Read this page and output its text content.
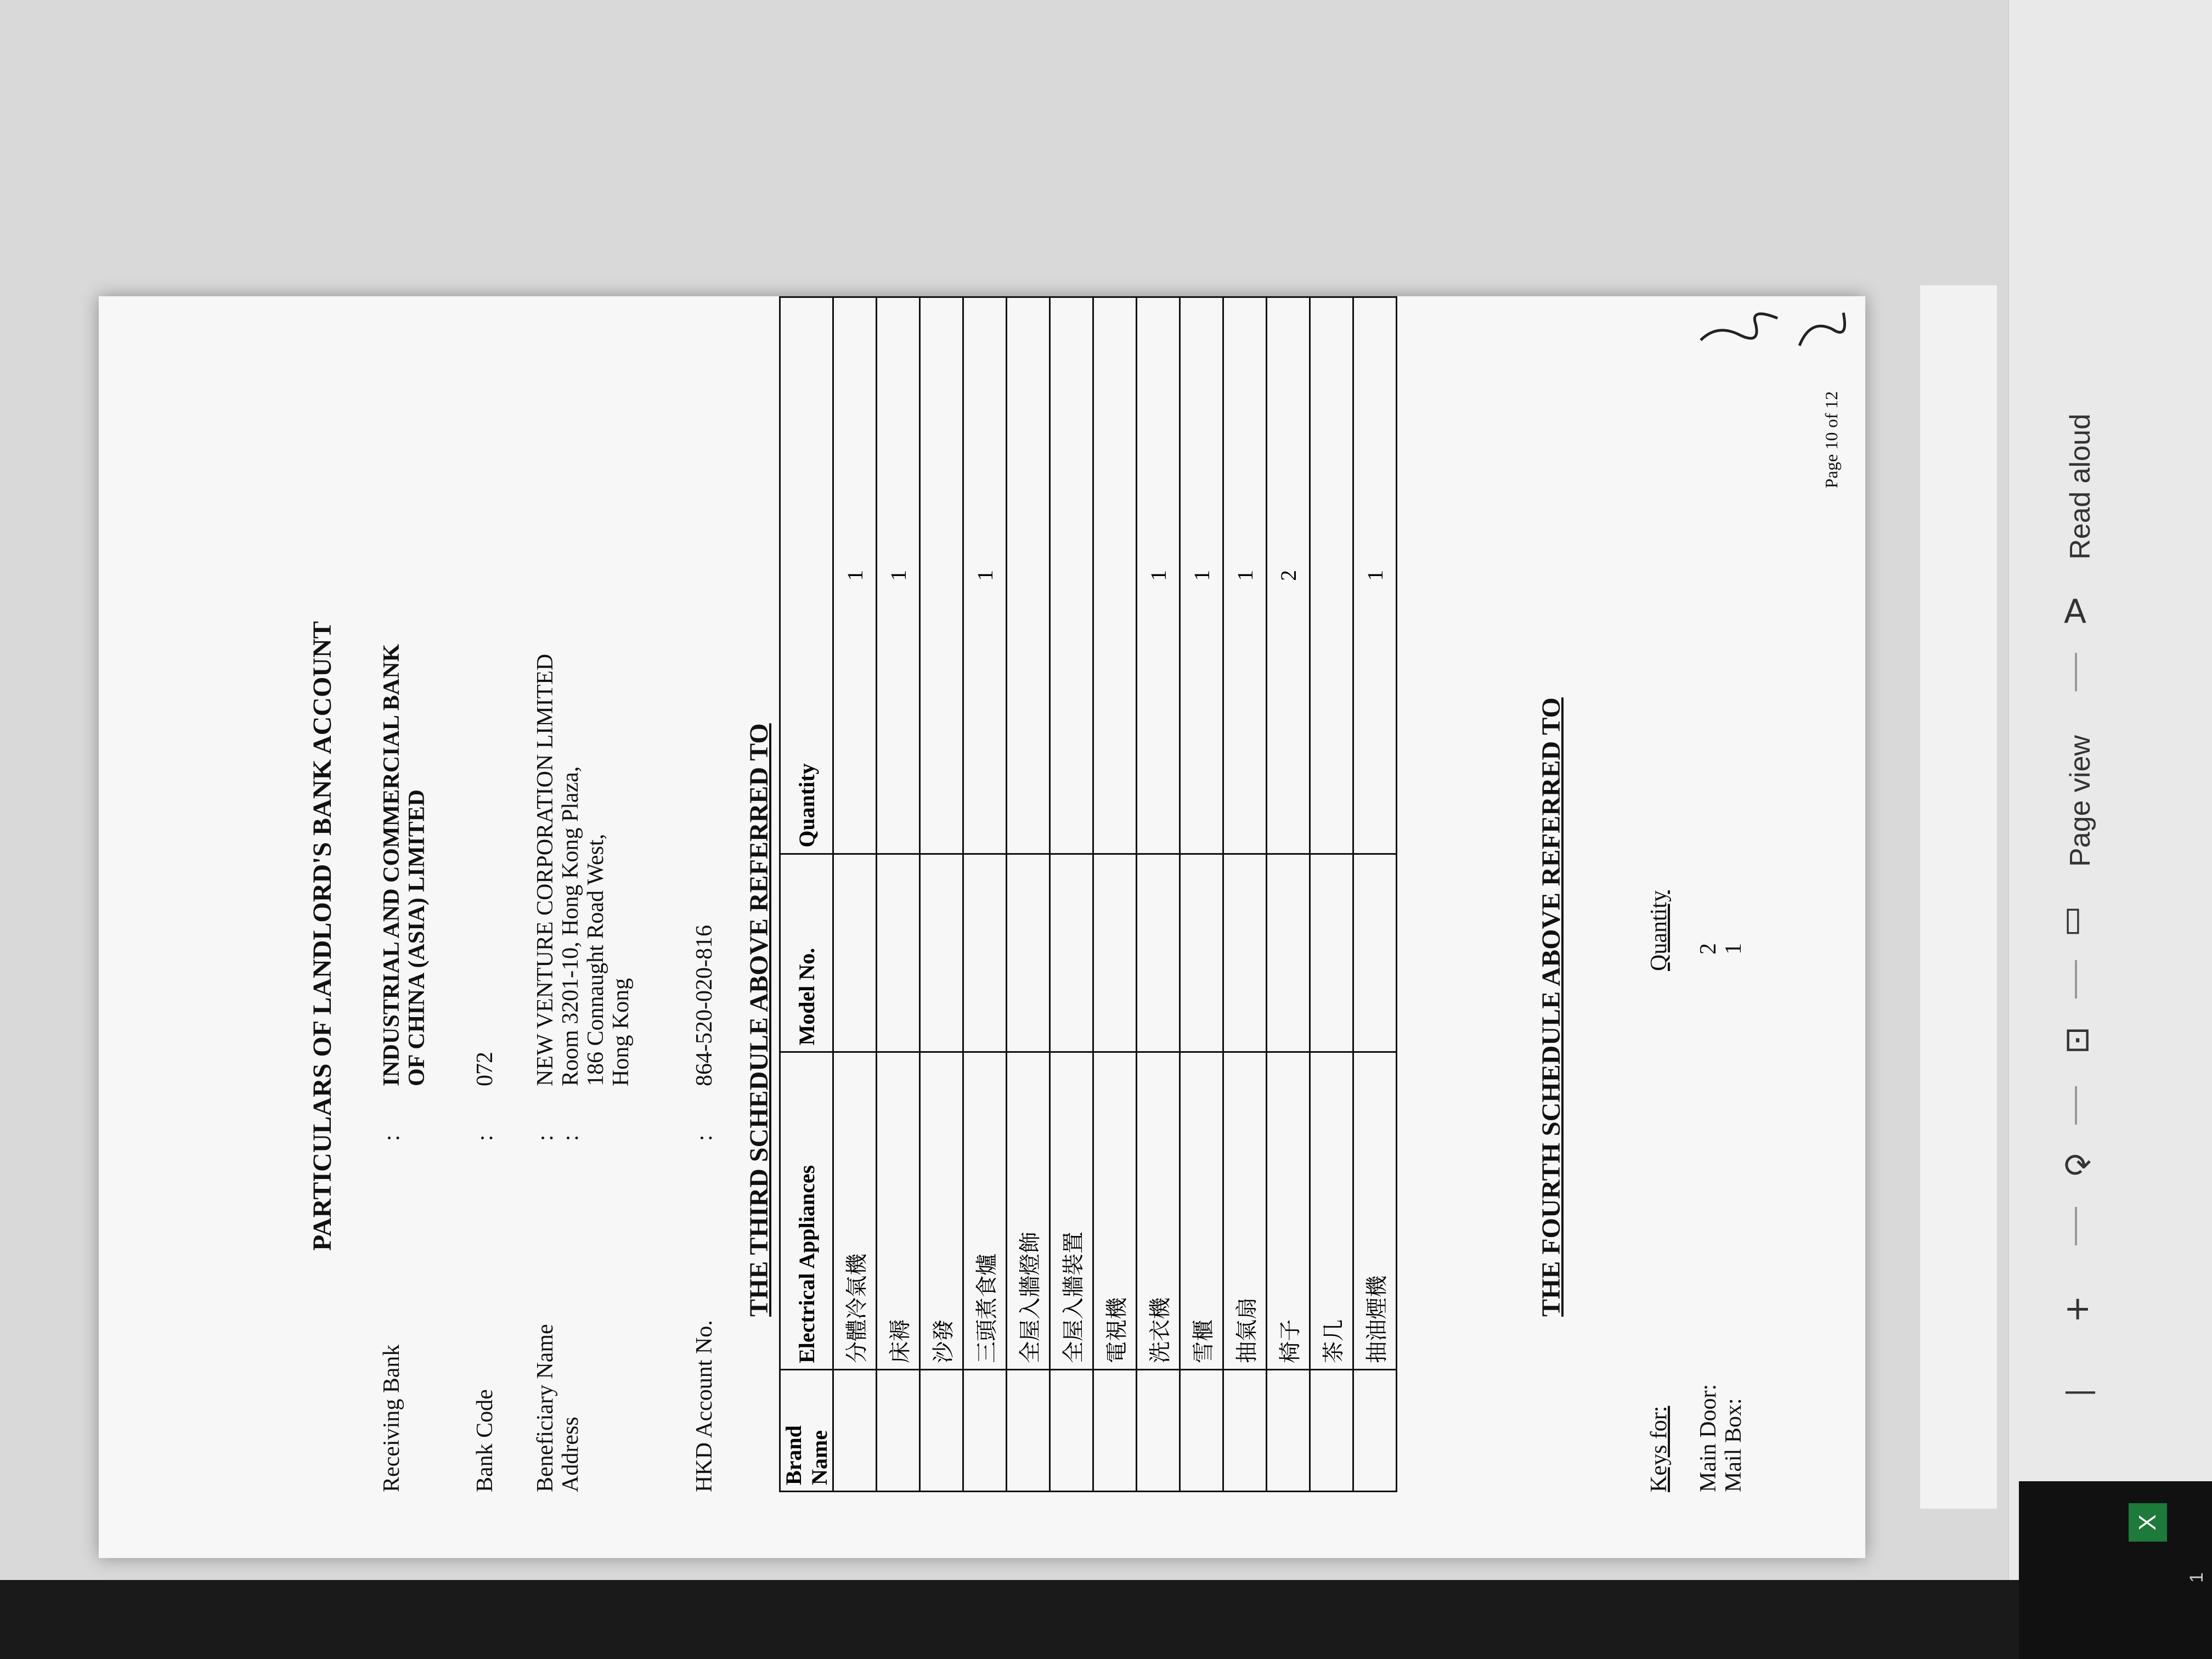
PARTICULARS OF LANDLORD'S BANK ACCOUNT
Receiving Bank
:
INDUSTRIAL AND COMMERCIAL BANK OF CHINA (ASIA) LIMITED
Bank Code
:
072
Beneficiary Name Address
: :
NEW VENTURE CORPORATION LIMITED Room 3201-10, Hong Kong Plaza, 186 Connaught Road West, Hong Kong
HKD Account No.
:
864-520-020-816 THE THIRD SCHEDULE ABOVE REFERRED TO
Brand Name	Electrical Appliances	Model No.	Quantity
	分體冷氣機		1
	床褥		1
	沙發		
	三頭煮食爐		1
	全屋入牆燈飾		
	全屋入牆裝置		
	電視機		
	洗衣機		1
	雪櫃		1
	抽氣扇		1
	椅子		2
	茶几		
	抽油煙機		1
THE FOURTH SCHEDULE ABOVE REFERRED TO
Keys for:
Quantity
Main Door:
2
Mail Box:
1
Page 10 of 12
—
+
⟳
⊡
▯
Page view
A
Read aloud
X
1
